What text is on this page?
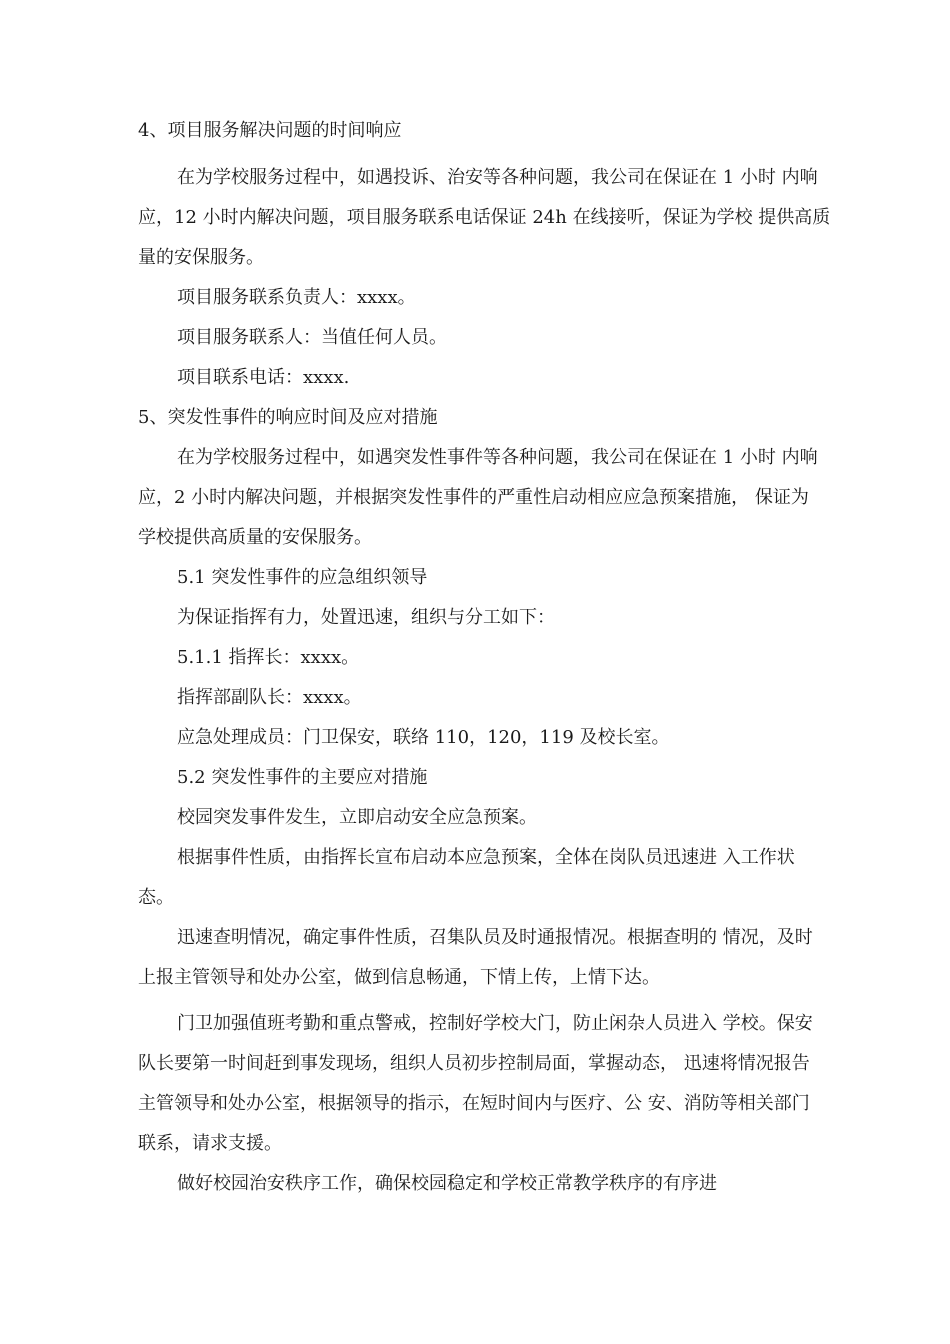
4、项目服务解决问题的时间响应
在为学校服务过程中，如遇投诉、治安等各种问题，我公司在保证在 1 小时 内响
应，12 小时内解决问题，项目服务联系电话保证 24h 在线接听，保证为学校 提供高质
量的安保服务。
项目服务联系负责人：xxxx。
项目服务联系人：当值任何人员。
项目联系电话：xxxx.
5、突发性事件的响应时间及应对措施
在为学校服务过程中，如遇突发性事件等各种问题，我公司在保证在 1 小时 内响
应，2 小时内解决问题，并根据突发性事件的严重性启动相应应急预案措施， 保证为
学校提供高质量的安保服务。
5.1 突发性事件的应急组织领导
为保证指挥有力，处置迅速，组织与分工如下：
5.1.1 指挥长：xxxx。
指挥部副队长：xxxx。
应急处理成员：门卫保安，联络 110，120，119 及校长室。
5.2 突发性事件的主要应对措施
校园突发事件发生，立即启动安全应急预案。
根据事件性质，由指挥长宣布启动本应急预案，全体在岗队员迅速进 入工作状
态。
迅速查明情况，确定事件性质，召集队员及时通报情况。根据查明的 情况，及时
上报主管领导和处办公室，做到信息畅通，下情上传，上情下达。
门卫加强值班考勤和重点警戒，控制好学校大门，防止闲杂人员进入 学校。保安
队长要第一时间赶到事发现场，组织人员初步控制局面，掌握动态， 迅速将情况报告
主管领导和处办公室，根据领导的指示，在短时间内与医疗、公 安、消防等相关部门
联系，请求支援。
做好校园治安秩序工作，确保校园稳定和学校正常教学秩序的有序进
